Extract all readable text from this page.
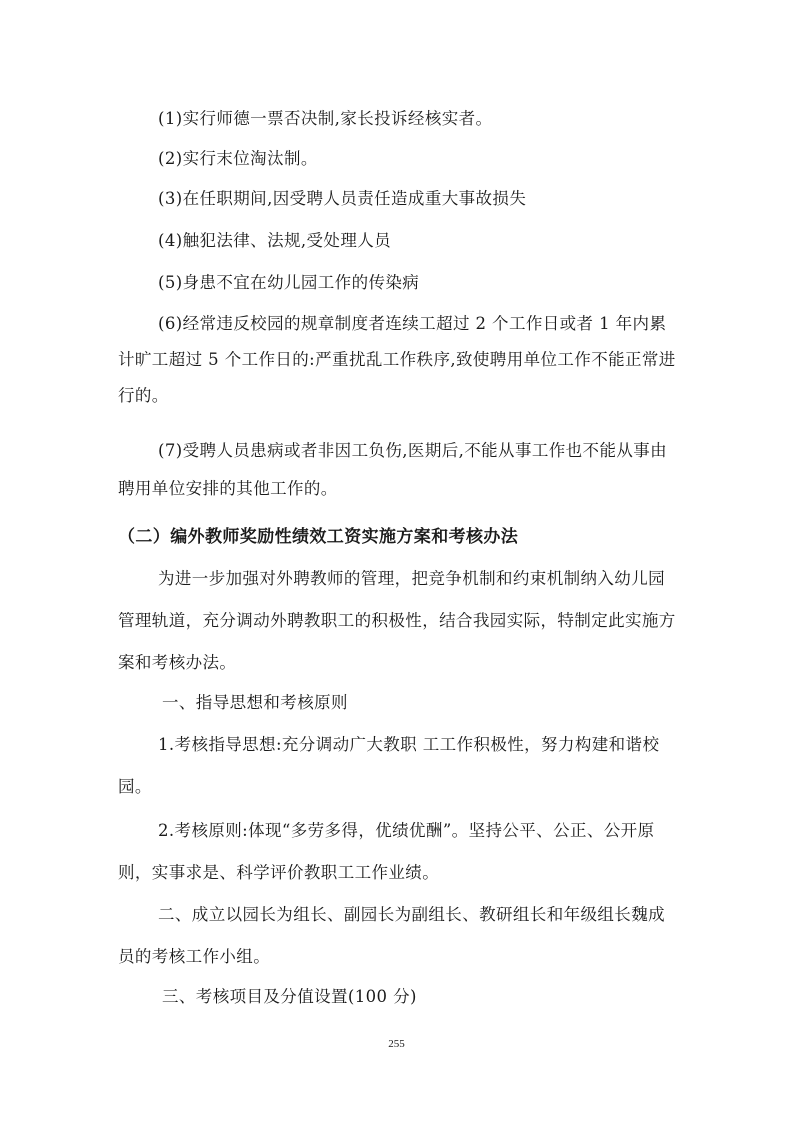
(1)实行师德一票否决制,家长投诉经核实者。

(2)实行末位淘汰制。

(3)在任职期间,因受聘人员责任造成重大事故损失

(4)触犯法律、法规,受处理人员

(5)身患不宜在幼儿园工作的传染病

(6)经常违反校园的规章制度者连续工超过 2 个工作日或者 1 年内累计旷工超过 5 个工作日的:严重扰乱工作秩序,致使聘用单位工作不能正常进行的。

(7)受聘人员患病或者非因工负伤,医期后,不能从事工作也不能从事由聘用单位安排的其他工作的。

（二）编外教师奖励性绩效工资实施方案和考核办法

为进一步加强对外聘教师的管理，把竞争机制和约束机制纳入幼儿园管理轨道，充分调动外聘教职工的积极性，结合我园实际，特制定此实施方案和考核办法。

一、指导思想和考核原则

1.考核指导思想:充分调动广大教职 工工作积极性，努力构建和谐校园。

2.考核原则:体现“多劳多得，优绩优酬”。坚持公平、公正、公开原则，实事求是、科学评价教职工工作业绩。

二、成立以园长为组长、副园长为副组长、教研组长和年级组长魏成员的考核工作小组。

三、考核项目及分值设置(100 分)

255
